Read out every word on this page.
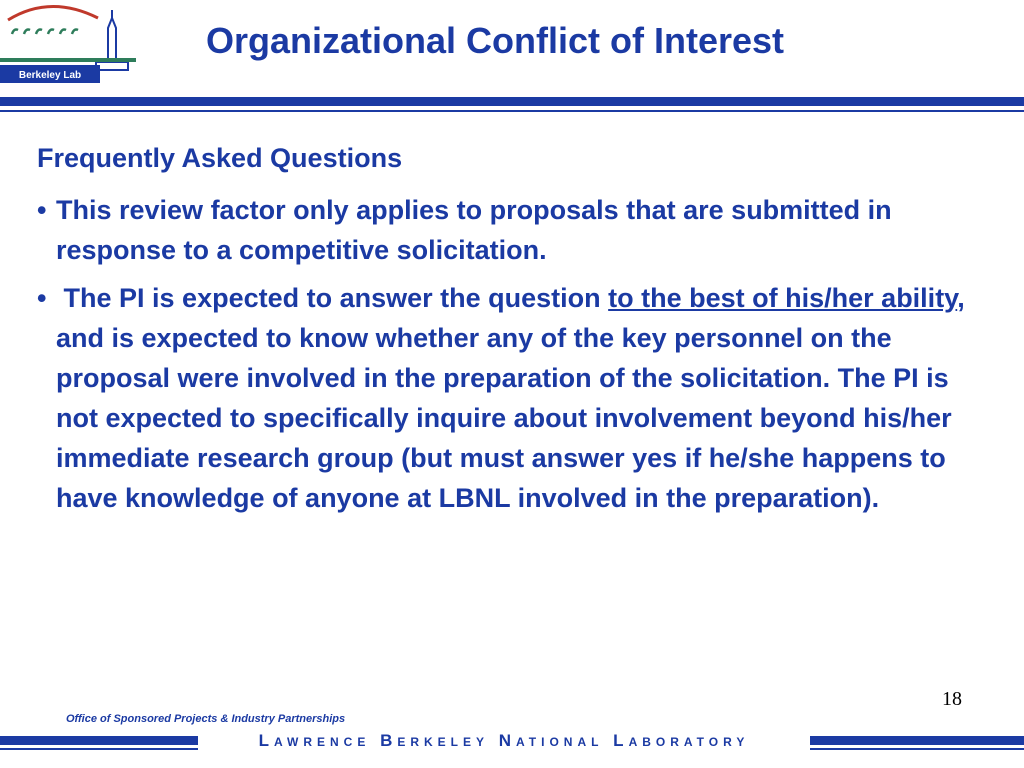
Berkeley Lab
Organizational Conflict of Interest
Frequently Asked Questions
• This review factor only applies to proposals that are submitted in response to a competitive solicitation.
• The PI is expected to answer the question to the best of his/her ability, and is expected to know whether any of the key personnel on the proposal were involved in the preparation of the solicitation. The PI is not expected to specifically inquire about involvement beyond his/her immediate research group (but must answer yes if he/she happens to have knowledge of anyone at LBNL involved in the preparation).
18
Office of Sponsored Projects & Industry Partnerships
Lawrence Berkeley National Laboratory
